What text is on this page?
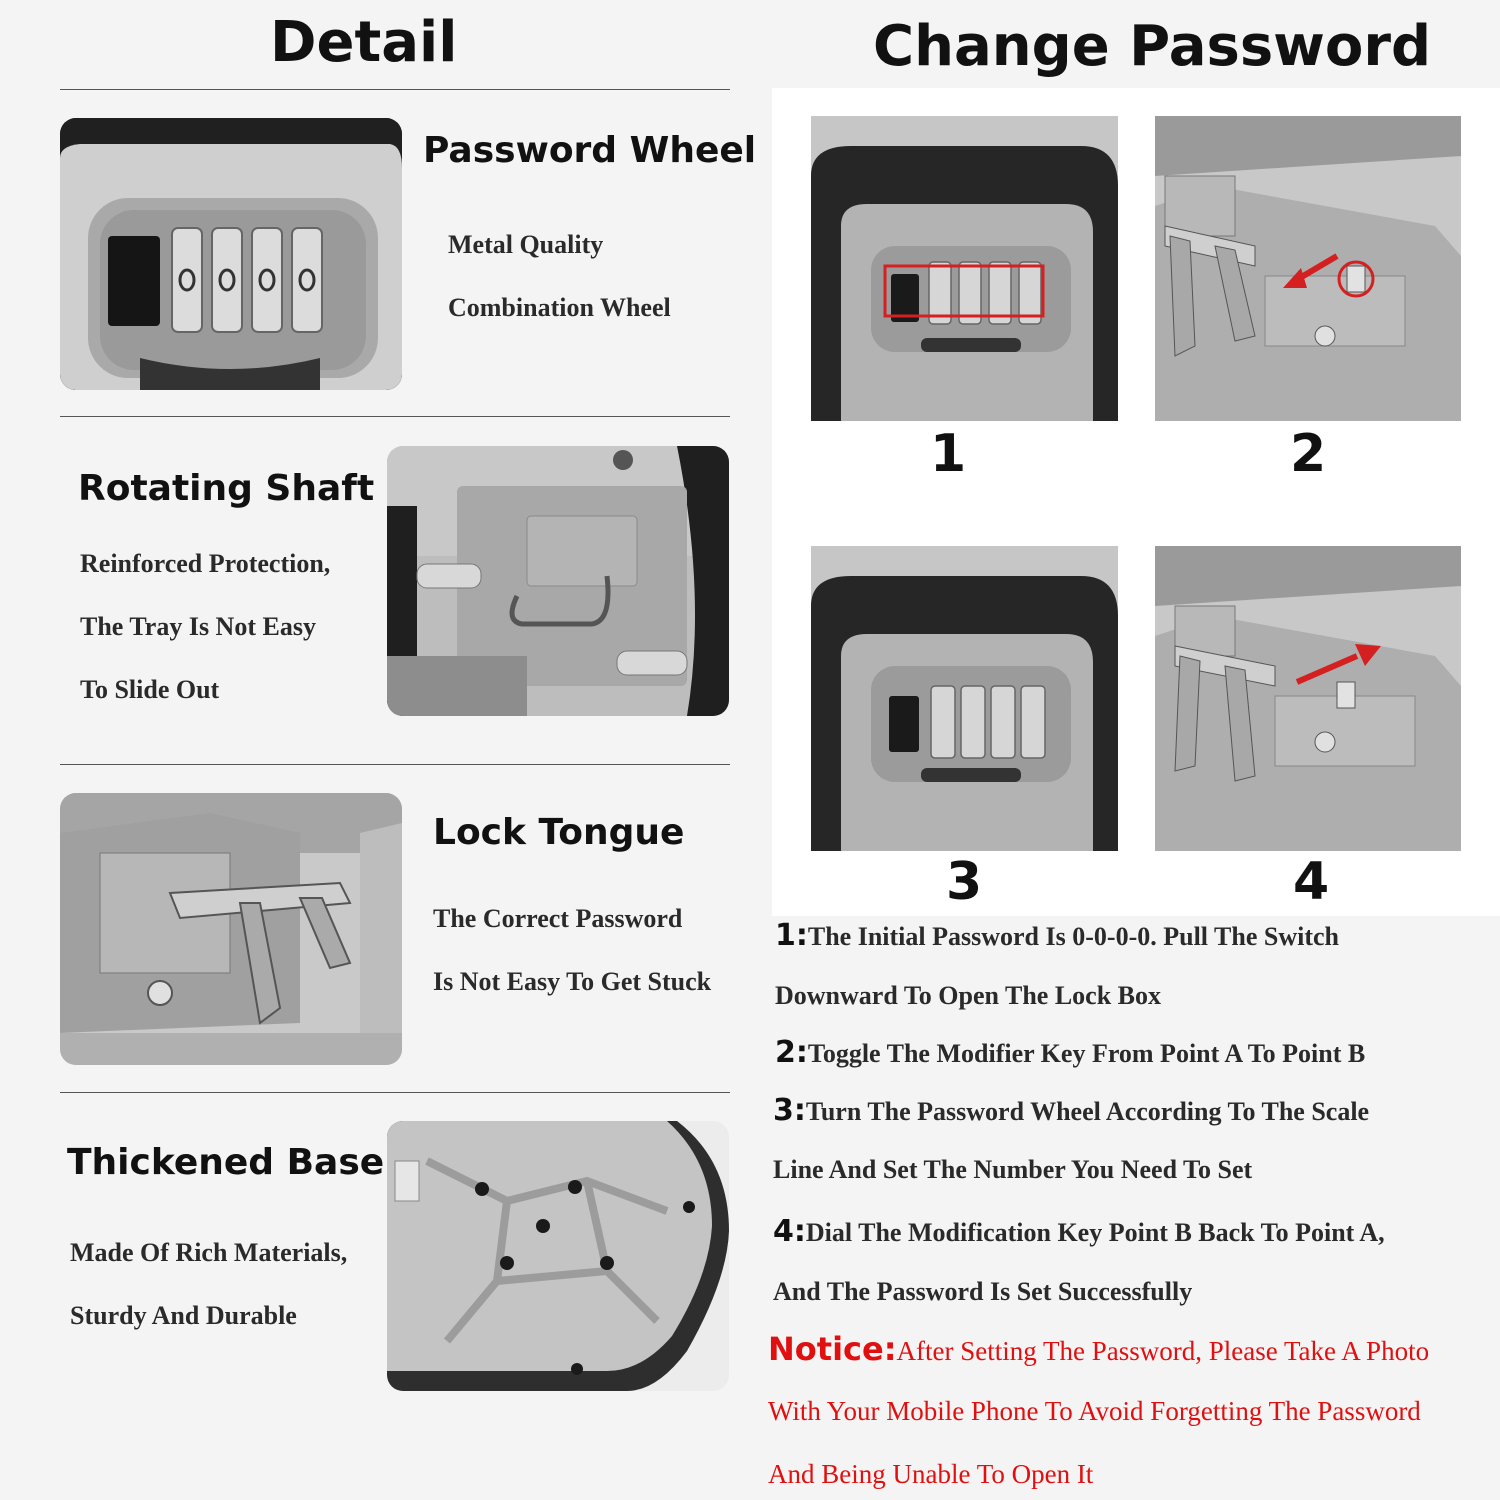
Detail
Password Wheel
Metal Quality
Combination Wheel
Rotating Shaft
Reinforced Protection,
The Tray Is Not Easy
To Slide Out
Lock Tongue
The Correct Password
Is Not Easy To Get Stuck
Thickened Base
Made Of Rich Materials,
Sturdy And Durable
Change Password
1	2
3	4
1:The Initial Password Is 0-0-0-0. Pull The Switch
Downward To Open The Lock Box
2:Toggle The Modifier Key From Point A To Point B
3:Turn The Password Wheel According To The Scale
Line And Set The Number You Need To Set
4:Dial The Modification Key Point B Back To Point A,
And The Password Is Set Successfully
Notice:After Setting The Password, Please Take A Photo
With Your Mobile Phone To Avoid Forgetting The Password
And Being Unable To Open It
